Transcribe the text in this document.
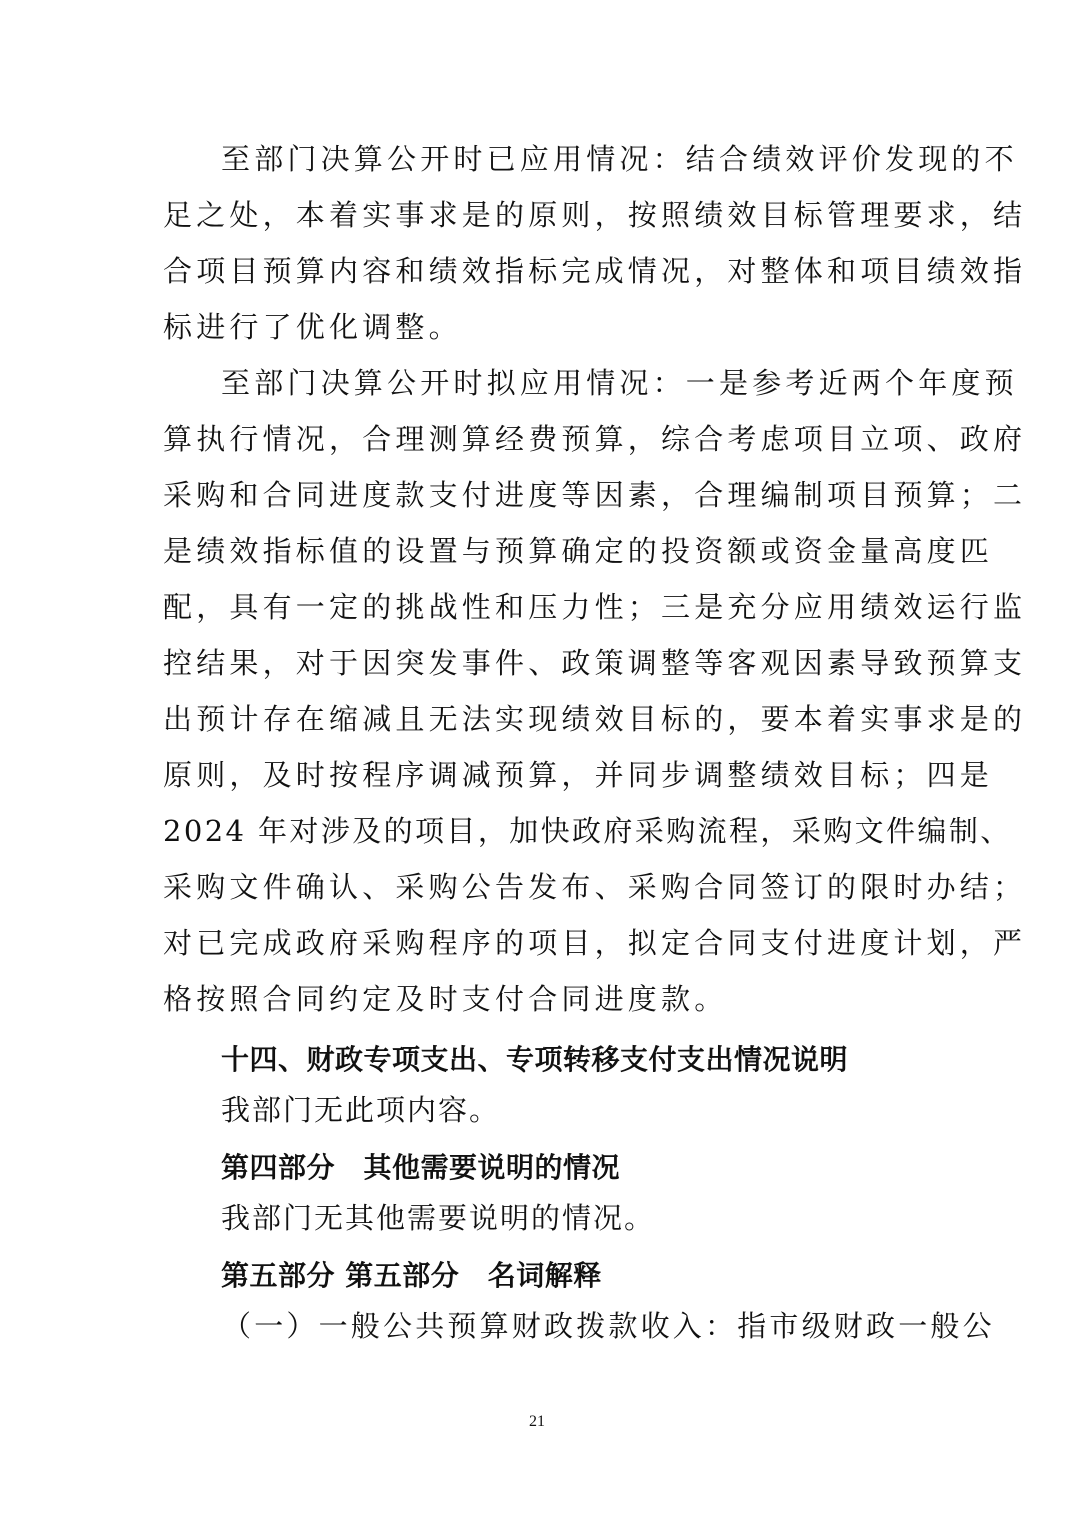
至部门决算公开时已应用情况：结合绩效评价发现的不
足之处，本着实事求是的原则，按照绩效目标管理要求，结
合项目预算内容和绩效指标完成情况，对整体和项目绩效指
标进行了优化调整。
至部门决算公开时拟应用情况：一是参考近两个年度预
算执行情况，合理测算经费预算，综合考虑项目立项、政府
采购和合同进度款支付进度等因素，合理编制项目预算；二
是绩效指标值的设置与预算确定的投资额或资金量高度匹
配，具有一定的挑战性和压力性；三是充分应用绩效运行监
控结果，对于因突发事件、政策调整等客观因素导致预算支
出预计存在缩减且无法实现绩效目标的，要本着实事求是的
原则，及时按程序调减预算，并同步调整绩效目标；四是
2024 年对涉及的项目，加快政府采购流程，采购文件编制、
采购文件确认、采购公告发布、采购合同签订的限时办结；
对已完成政府采购程序的项目，拟定合同支付进度计划，严
格按照合同约定及时支付合同进度款。
十四、财政专项支出、专项转移支付支出情况说明
我部门无此项内容。
第四部分　其他需要说明的情况
我部门无其他需要说明的情况。
第五部分 第五部分　名词解释
（一）一般公共预算财政拨款收入：指市级财政一般公
21
